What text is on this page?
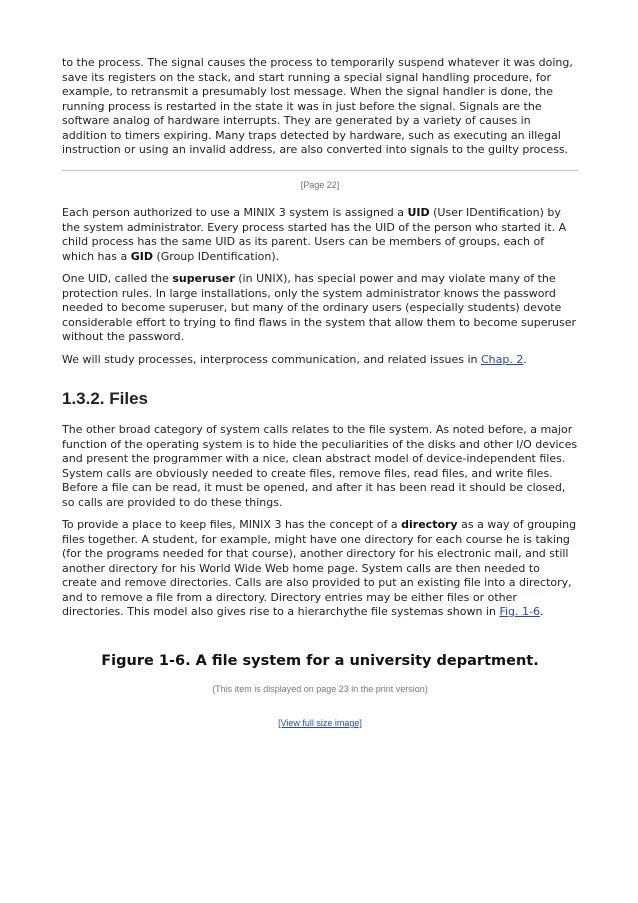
to the process. The signal causes the process to temporarily suspend whatever it was doing, save its registers on the stack, and start running a special signal handling procedure, for example, to retransmit a presumably lost message. When the signal handler is done, the running process is restarted in the state it was in just before the signal. Signals are the software analog of hardware interrupts. They are generated by a variety of causes in addition to timers expiring. Many traps detected by hardware, such as executing an illegal instruction or using an invalid address, are also converted into signals to the guilty process.

[Page 22]

Each person authorized to use a MINIX 3 system is assigned a UID (User IDentification) by the system administrator. Every process started has the UID of the person who started it. A child process has the same UID as its parent. Users can be members of groups, each of which has a GID (Group IDentification).

One UID, called the superuser (in UNIX), has special power and may violate many of the protection rules. In large installations, only the system administrator knows the password needed to become superuser, but many of the ordinary users (especially students) devote considerable effort to trying to find flaws in the system that allow them to become superuser without the password.

We will study processes, interprocess communication, and related issues in Chap. 2.

1.3.2. Files

The other broad category of system calls relates to the file system. As noted before, a major function of the operating system is to hide the peculiarities of the disks and other I/O devices and present the programmer with a nice, clean abstract model of device-independent files. System calls are obviously needed to create files, remove files, read files, and write files. Before a file can be read, it must be opened, and after it has been read it should be closed, so calls are provided to do these things.

To provide a place to keep files, MINIX 3 has the concept of a directory as a way of grouping files together. A student, for example, might have one directory for each course he is taking (for the programs needed for that course), another directory for his electronic mail, and still another directory for his World Wide Web home page. System calls are then needed to create and remove directories. Calls are also provided to put an existing file into a directory, and to remove a file from a directory. Directory entries may be either files or other directories. This model also gives rise to a hierarchythe file systemas shown in Fig. 1-6.

Figure 1-6. A file system for a university department.
(This item is displayed on page 23 in the print version)
[View full size image]
